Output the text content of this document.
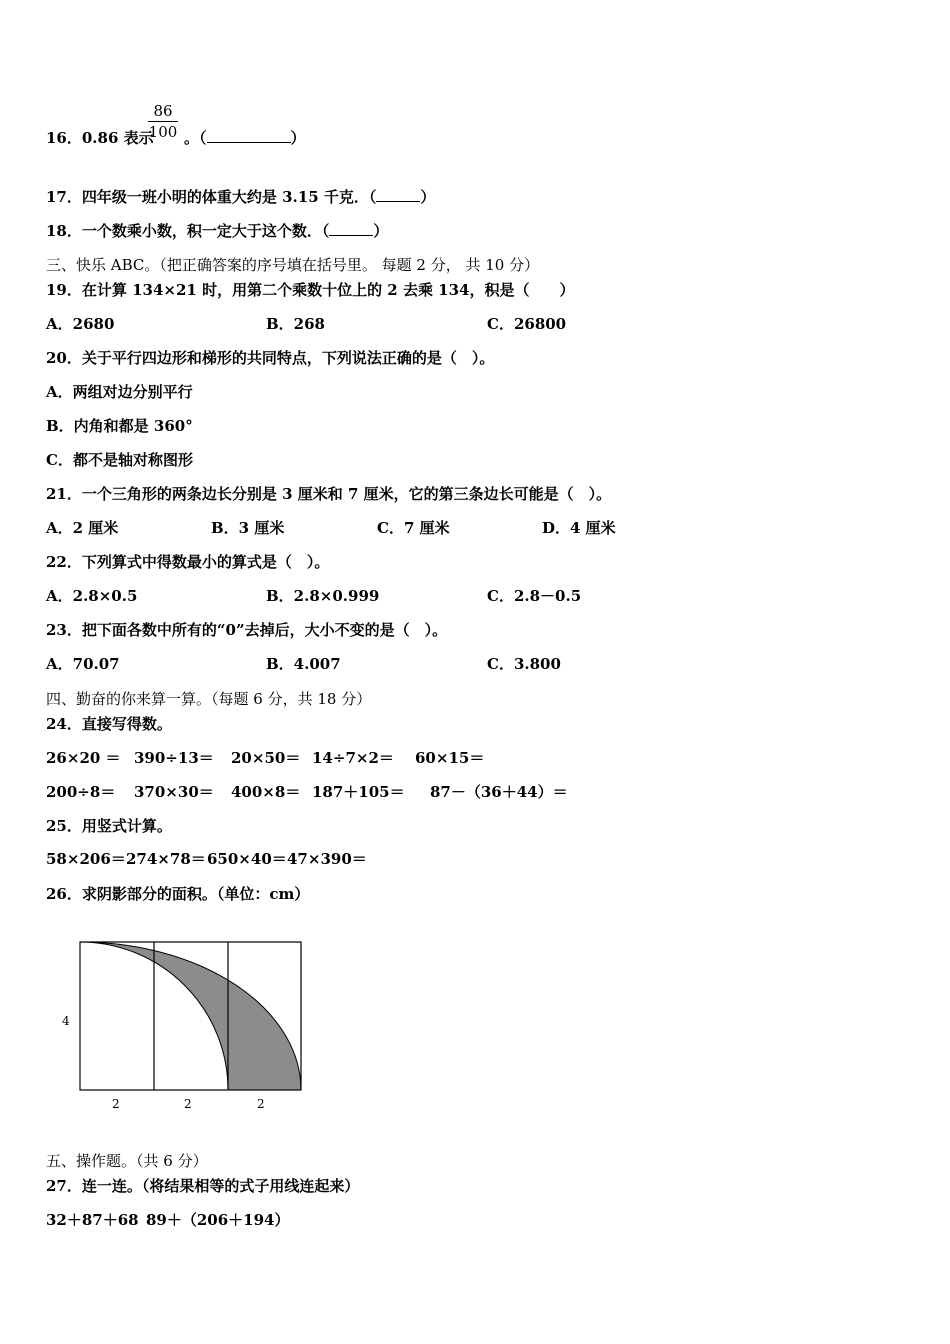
16．0.86 表示
86
100 。（	）
17．四年级一班小明的体重大约是 3.15 千克．（	）
18．一个数乘小数，积一定大于这个数．（	）
三、快乐 ABC。（把正确答案的序号填在括号里。 每题 2 分， 共 10 分）
19．在计算 134×21 时，用第二个乘数十位上的 2 去乘 134，积是（　　）
A．2680	B．268	C．26800
20．关于平行四边形和梯形的共同特点，下列说法正确的是（　）。
A．两组对边分别平行
B．内角和都是 360°
C．都不是轴对称图形
21．一个三角形的两条边长分别是 3 厘米和 7 厘米，它的第三条边长可能是（　）。
A．2 厘米	B．3 厘米	C．7 厘米	D．4 厘米
22．下列算式中得数最小的算式是（　）。
A．2.8×0.5	B．2.8×0.999	C．2.8－0.5
23．把下面各数中所有的“0”去掉后，大小不变的是（　）。
A．70.07	B．4.007	C．3.800
四、勤奋的你来算一算。（每题 6 分，共 18 分）
24．直接写得数。
26×20 ＝ 390÷13＝ 20×50＝ 14÷7×2＝ 60×15＝
200÷8＝ 370×30＝ 400×8＝ 187＋105＝ 87－（36＋44）＝
25．用竖式计算。
58×206＝ 274×78＝ 650×40＝ 47×390＝
26．求阴影部分的面积。（单位：cm）
4
2	2	2
五、操作题。（共 6 分）
27．连一连。（将结果相等的式子用线连起来）
32＋87＋68 89＋（206＋194）
